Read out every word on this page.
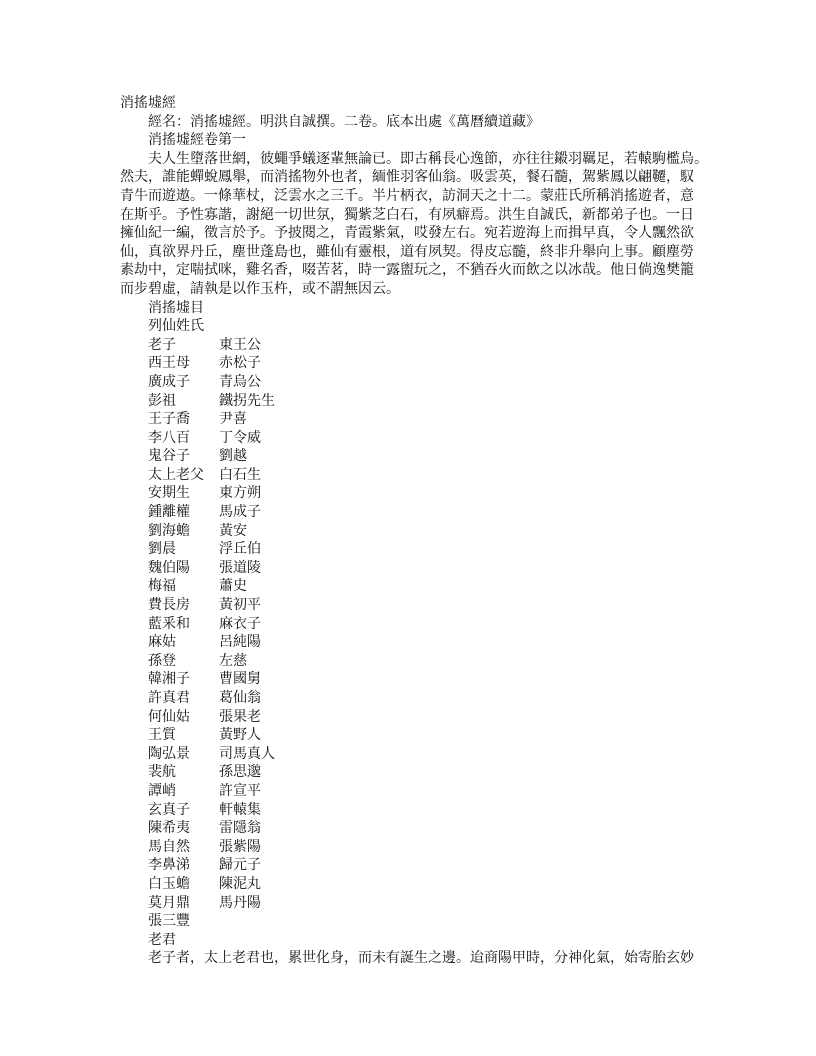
消搖墟經
經名：消搖墟經。明洪自誠撰。二卷。底本出處《萬曆續道藏》
消搖墟經卷第一
夫人生墮落世網，彼蠅爭蟻逐輩無論已。即古稱長心逸節，亦往往鎩羽羈足，若轅駒檻烏。
然夫，誰能蟬蛻鳳舉，而消搖物外也者，緬惟羽客仙翁。吸雲英，餐石髓，駕紫鳳以翩韆，馭
青牛而遊遨。一條華杖，泛雲水之三千。半片柄衣，訪洞天之十二。蒙莊氏所稱消搖遊者，意
在斯乎。予性寡諧，謝絕一切世氛，獨紫芝白石，有夙癖焉。洪生自誠氏，新都弟子也。一日
擁仙紀一編，徵言於予。予披閱之，青霞紫氣，哎發左右。宛若遊海上而揖早真，令人飄然欲
仙，真欲界丹丘，塵世蓬島也，雖仙有靈根，道有夙契。得皮忘髓，終非升舉向上事。顧塵勞
素劫中，定喘拭咪，雞名香，啜苦茗，時一露盥玩之，不猶吞火而飲之以冰哉。他日倘逸樊籠
而步碧虛，請執是以作玉杵，或不謂無因云。
消搖墟目
列仙姓氏
老子	東王公
西王母	赤松子
廣成子	青烏公
彭祖	鐵拐先生
王子喬	尹喜
李八百	丁令威
鬼谷子	劉越
太上老父	白石生
安期生	東方朔
鍾離權	馬成子
劉海蟾	黃安
劉晨	浮丘伯
魏伯陽	張道陵
梅福	蕭史
費長房	黃初平
藍釆和	麻衣子
麻姑	呂純陽
孫登	左慈
韓湘子	曹國舅
許真君	葛仙翁
何仙姑	張果老
王質	黃野人
陶弘景	司馬真人
裴航	孫思邈
譚峭	許宣平
玄真子	軒轅集
陳希夷	雷隱翁
馬自然	張紫陽
李鼻涕	歸元子
白玉蟾	陳泥丸
莫月鼎	馬丹陽
張三豐
老君
老子者，太上老君也，累世化身，而未有誕生之邊。迨商陽甲時，分神化氣，始寄胎玄妙
